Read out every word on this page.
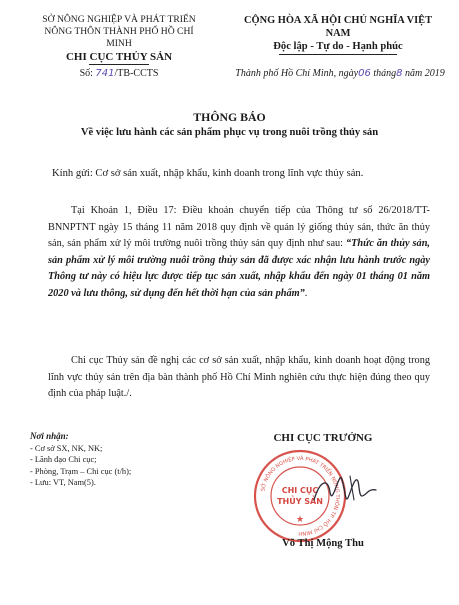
SỞ NÔNG NGHIỆP VÀ PHÁT TRIỂN
NÔNG THÔN THÀNH PHỐ HỒ CHÍ MINH
CHI CỤC THỦY SẢN
Số: 741/TB-CCTS
CỘNG HÒA XÃ HỘI CHỦ NGHĨA VIỆT NAM
Độc lập - Tự do - Hạnh phúc
Thành phố Hồ Chí Minh, ngày06 tháng8 năm 2019
THÔNG BÁO
Về việc lưu hành các sản phẩm phục vụ trong nuôi trồng thủy sản
Kính gửi: Cơ sở sản xuất, nhập khẩu, kinh doanh trong lĩnh vực thủy sản.
Tại Khoản 1, Điều 17: Điều khoản chuyển tiếp của Thông tư số 26/2018/TT-BNNPTNT ngày 15 tháng 11 năm 2018 quy định về quản lý giống thủy sản, thức ăn thủy sản, sản phẩm xử lý môi trường nuôi trồng thủy sản quy định như sau: “Thức ăn thủy sản, sản phẩm xử lý môi trường nuôi trồng thủy sản đã được xác nhận lưu hành trước ngày Thông tư này có hiệu lực được tiếp tục sản xuất, nhập khẩu đến ngày 01 tháng 01 năm 2020 và lưu thông, sử dụng đến hết thời hạn của sản phẩm”.
Chi cục Thủy sản đề nghị các cơ sở sản xuất, nhập khẩu, kinh doanh hoạt động trong lĩnh vực thủy sản trên địa bàn thành phố Hồ Chí Minh nghiên cứu thực hiện đúng theo quy định của pháp luật./.
Nơi nhận:
- Cơ sở SX, NK, NK;
- Lãnh đạo Chi cục;
- Phòng, Trạm – Chi cục (t/h);
- Lưu: VT, Nam(5).
CHI CỤC TRƯỞNG
SỞ NÔNG NGHIỆP VÀ PHÁT TRIỂN NÔNG THÔN TP. HỒ CHÍ MINH
CHI CỤC
THỦY SẢN
★
Võ Thị Mộng Thu
